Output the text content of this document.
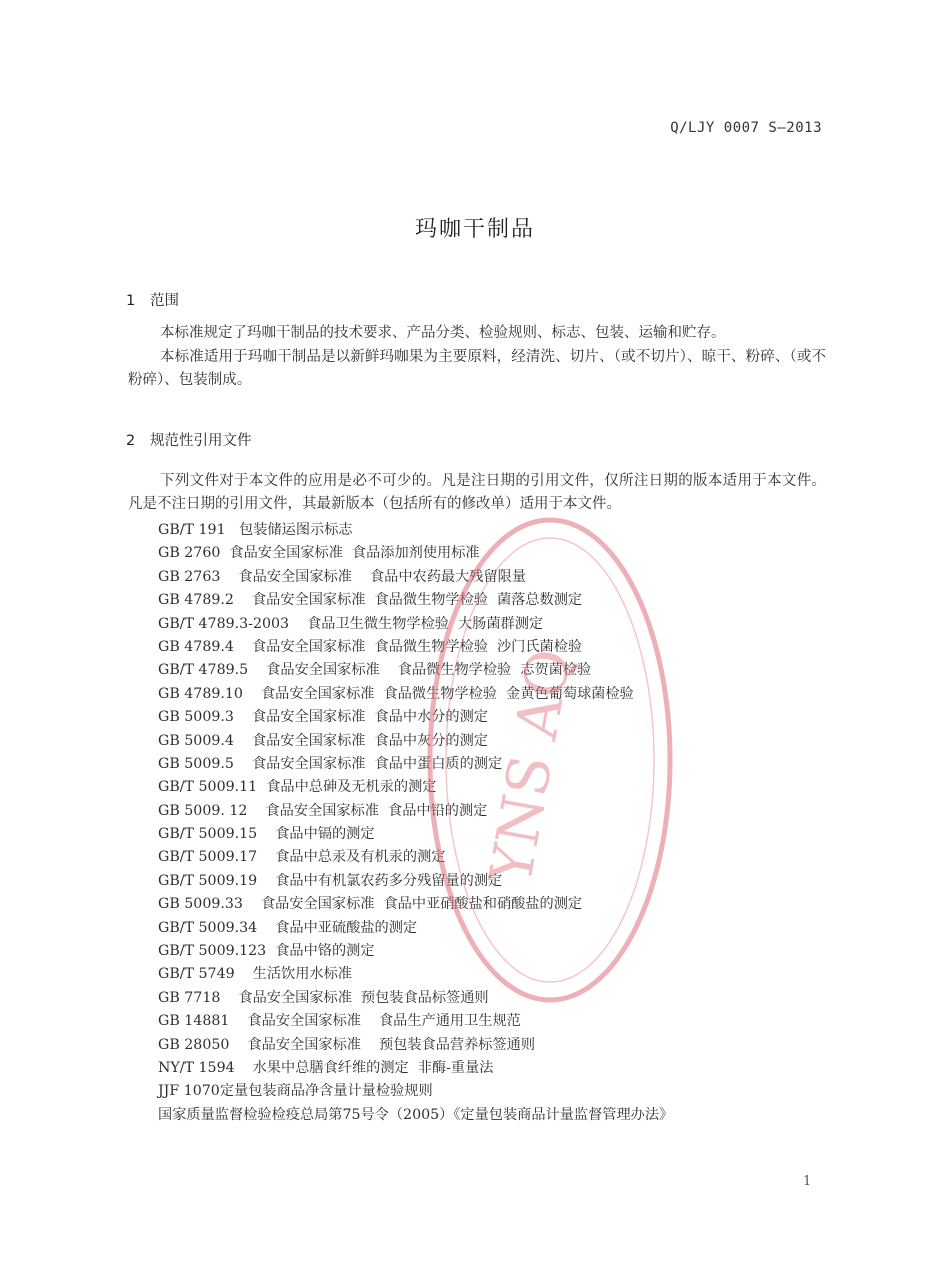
Q/LJY 0007 S—2013
玛咖干制品
1 范围
本标准规定了玛咖干制品的技术要求、产品分类、检验规则、标志、包装、运输和贮存。
本标准适用于玛咖干制品是以新鲜玛咖果为主要原料，经清洗、切片、（或不切片）、晾干、粉碎、（或不粉碎）、包装制成。
2 规范性引用文件
下列文件对于本文件的应用是必不可少的。凡是注日期的引用文件，仅所注日期的版本适用于本文件。凡是不注日期的引用文件，其最新版本（包括所有的修改单）适用于本文件。
GB/T 191   包装储运图示标志
GB 2760  食品安全国家标准  食品添加剂使用标准
GB 2763    食品安全国家标准    食品中农药最大残留限量
GB 4789.2    食品安全国家标准  食品微生物学检验  菌落总数测定
GB/T 4789.3-2003    食品卫生微生物学检验  大肠菌群测定
GB 4789.4    食品安全国家标准  食品微生物学检验  沙门氏菌检验
GB/T 4789.5    食品安全国家标准    食品微生物学检验  志贺菌检验
GB 4789.10    食品安全国家标准  食品微生物学检验  金黄色葡萄球菌检验
GB 5009.3    食品安全国家标准  食品中水分的测定
GB 5009.4    食品安全国家标准  食品中灰分的测定
GB 5009.5    食品安全国家标准  食品中蛋白质的测定
GB/T 5009.11  食品中总砷及无机汞的测定
GB 5009. 12    食品安全国家标准  食品中铅的测定
GB/T 5009.15    食品中镉的测定
GB/T 5009.17    食品中总汞及有机汞的测定
GB/T 5009.19    食品中有机氯农药多分残留量的测定
GB 5009.33    食品安全国家标准  食品中亚硝酸盐和硝酸盐的测定
GB/T 5009.34    食品中亚硫酸盐的测定
GB/T 5009.123  食品中铬的测定
GB/T 5749    生活饮用水标准
GB 7718    食品安全国家标准  预包装食品标签通则
GB 14881    食品安全国家标准    食品生产通用卫生规范
GB 28050    食品安全国家标准    预包装食品营养标签通则
NY/T 1594    水果中总膳食纤维的测定  非酶-重量法
JJF 1070定量包装商品净含量计量检验规则
国家质量监督检验检疫总局第75号令（2005）《定量包装商品计量监督管理办法》
YNS AQ
1
